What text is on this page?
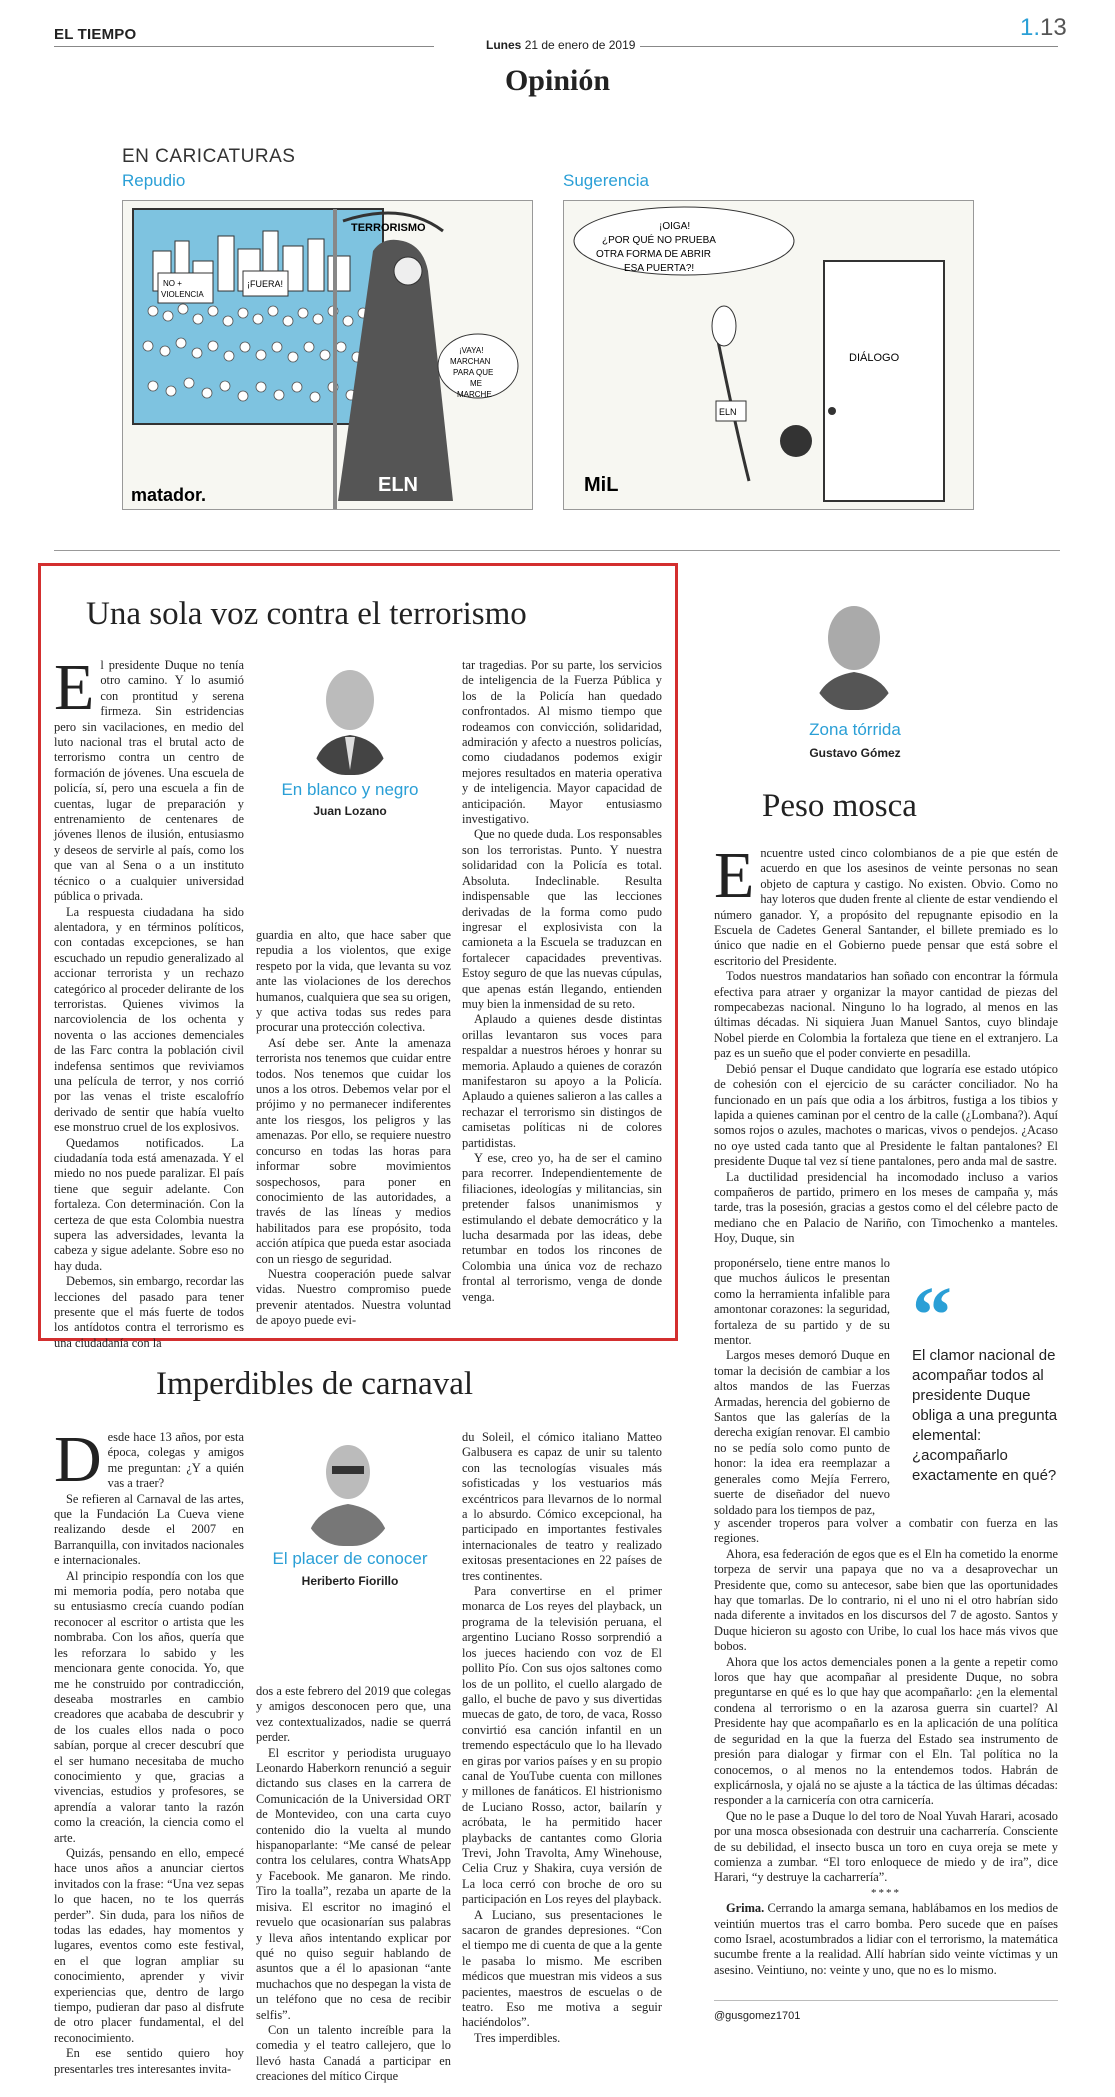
EL TIEMPO
Lunes 21 de enero de 2019
1.13
Opinión
EN CARICATURAS
Repudio	Sugerencia
NO +
VIOLENCIA
¡FUERA!
TERRORISMO
ELN
¡VAYA!
MARCHAN
PARA QUE
ME
MARCHE
matador.
¡OIGA!
¿POR QUÉ NO PRUEBA
OTRA FORMA DE ABRIR
ESA PUERTA?!
DIÁLOGO
ELN
MiL
Una sola voz contra el terrorismo
E l presidente Duque no tenía otro camino. Y lo asumió con prontitud y serena firmeza. Sin estridencias pero sin vacilaciones, en medio del luto nacional tras el brutal acto de terrorismo contra un centro de formación de jóvenes. Una escuela de policía, sí, pero una escuela a fin de cuentas, lugar de preparación y entrenamiento de centenares de jóvenes llenos de ilusión, entusiasmo y deseos de servirle al país, como los que van al Sena o a un instituto técnico o a cualquier universidad pública o privada.

La respuesta ciudadana ha sido alentadora, y en términos políticos, con contadas excepciones, se han escuchado un repudio generalizado al accionar terrorista y un rechazo categórico al proceder delirante de los terroristas. Quienes vivimos la narcoviolencia de los ochenta y noventa o las acciones demenciales de las Farc contra la población civil indefensa sentimos que reviviamos una película de terror, y nos corrió por las venas el triste escalofrío derivado de sentir que había vuelto ese monstruo cruel de los explosivos.

Quedamos notificados. La ciudadanía toda está amenazada. Y el miedo no nos puede paralizar. El país tiene que seguir adelante. Con fortaleza. Con determinación. Con la certeza de que esta Colombia nuestra supera las adversidades, levanta la cabeza y sigue adelante. Sobre eso no hay duda.

Debemos, sin embargo, recordar las lecciones del pasado para tener presente que el más fuerte de todos los antídotos contra el terrorismo es una ciudadanía con la

En blanco y negro
Juan Lozano

guardia en alto, que hace saber que repudia a los violentos, que exige respeto por la vida, que levanta su voz ante las violaciones de los derechos humanos, cualquiera que sea su origen, y que activa todas sus redes para procurar una protección colectiva.

Así debe ser. Ante la amenaza terrorista nos tenemos que cuidar entre todos. Nos tenemos que cuidar los unos a los otros. Debemos velar por el prójimo y no permanecer indiferentes ante los riesgos, los peligros y las amenazas. Por ello, se requiere nuestro concurso en todas las horas para informar sobre movimientos sospechosos, para poner en conocimiento de las autoridades, a través de las líneas y medios habilitados para ese propósito, toda acción atípica que pueda estar asociada con un riesgo de seguridad.

Nuestra cooperación puede salvar vidas. Nuestro compromiso puede prevenir atentados. Nuestra voluntad de apoyo puede evi-

tar tragedias. Por su parte, los servicios de inteligencia de la Fuerza Pública y los de la Policía han quedado confrontados. Al mismo tiempo que rodeamos con convicción, solidaridad, admiración y afecto a nuestros policías, como ciudadanos podemos exigir mejores resultados en materia operativa y de inteligencia. Mayor capacidad de anticipación. Mayor entusiasmo investigativo.

Que no quede duda. Los responsables son los terroristas. Punto. Y nuestra solidaridad con la Policía es total. Absoluta. Indeclinable. Resulta indispensable que las lecciones derivadas de la forma como pudo ingresar el explosivista con la camioneta a la Escuela se traduzcan en fortalecer capacidades preventivas. Estoy seguro de que las nuevas cúpulas, que apenas están llegando, entienden muy bien la inmensidad de su reto.

Aplaudo a quienes desde distintas orillas levantaron sus voces para respaldar a nuestros héroes y honrar su memoria. Aplaudo a quienes de corazón manifestaron su apoyo a la Policía. Aplaudo a quienes salieron a las calles a rechazar el terrorismo sin distingos de camisetas políticas ni de colores partidistas.

Y ese, creo yo, ha de ser el camino para recorrer. Independientemente de filiaciones, ideologías y militancias, sin pretender falsos unanimismos y estimulando el debate democrático y la lucha desarmada por las ideas, debe retumbar en todos los rincones de Colombia una única voz de rechazo frontal al terrorismo, venga de donde venga.

Imperdibles de carnaval
D esde hace 13 años, por esta época, colegas y amigos me preguntan: ¿Y a quién vas a traer?

Se refieren al Carnaval de las artes, que la Fundación La Cueva viene realizando desde el 2007 en Barranquilla, con invitados nacionales e internacionales.

Al principio respondía con los que mi memoria podía, pero notaba que su entusiasmo crecía cuando podían reconocer al escritor o artista que les nombraba. Con los años, quería que les reforzara lo sabido y les mencionara gente conocida. Yo, que me he construido por contradicción, deseaba mostrarles en cambio creadores que acababa de descubrir y de los cuales ellos nada o poco sabían, porque al crecer descubrí que el ser humano necesitaba de mucho conocimiento y que, gracias a vivencias, estudios y profesores, se aprendía a valorar tanto la razón como la creación, la ciencia como el arte.

Quizás, pensando en ello, empecé hace unos años a anunciar ciertos invitados con la frase: “Una vez sepas lo que hacen, no te los querrás perder”. Sin duda, para los niños de todas las edades, hay momentos y lugares, eventos como este festival, en el que logran ampliar su conocimiento, aprender y vivir experiencias que, dentro de largo tiempo, pudieran dar paso al disfrute de otro placer fundamental, el del reconocimiento.

En ese sentido quiero hoy presentarles tres interesantes invita-

El placer de conocer
Heriberto Fiorillo

dos a este febrero del 2019 que colegas y amigos desconocen pero que, una vez contextualizados, nadie se querrá perder.

El escritor y periodista uruguayo Leonardo Haberkorn renunció a seguir dictando sus clases en la carrera de Comunicación de la Universidad ORT de Montevideo, con una carta cuyo contenido dio la vuelta al mundo hispanoparlante: “Me cansé de pelear contra los celulares, contra WhatsApp y Facebook. Me ganaron. Me rindo. Tiro la toalla”, rezaba un aparte de la misiva. El escritor no imaginó el revuelo que ocasionarían sus palabras y lleva años intentando explicar por qué no quiso seguir hablando de asuntos que a él lo apasionan “ante muchachos que no despegan la vista de un teléfono que no cesa de recibir selfis”.

Con un talento increíble para la comedia y el teatro callejero, que lo llevó hasta Canadá a participar en creaciones del mítico Cirque

du Soleil, el cómico italiano Matteo Galbusera es capaz de unir su talento con las tecnologías visuales más sofisticadas y los vestuarios más excéntricos para llevarnos de lo normal a lo absurdo. Cómico excepcional, ha participado en importantes festivales internacionales de teatro y realizado exitosas presentaciones en 22 países de tres continentes.

Para convertirse en el primer monarca de Los reyes del playback, un programa de la televisión peruana, el argentino Luciano Rosso sorprendió a los jueces haciendo con voz de El pollito Pío. Con sus ojos saltones como los de un pollito, el cuello alargado de gallo, el buche de pavo y sus divertidas muecas de gato, de toro, de vaca, Rosso convirtió esa canción infantil en un tremendo espectáculo que lo ha llevado en giras por varios países y en su propio canal de YouTube cuenta con millones y millones de fanáticos. El histrionismo de Luciano Rosso, actor, bailarín y acróbata, le ha permitido hacer playbacks de cantantes como Gloria Trevi, John Travolta, Amy Winehouse, Celia Cruz y Shakira, cuya versión de La loca cerró con broche de oro su participación en Los reyes del playback.

A Luciano, sus presentaciones le sacaron de grandes depresiones. “Con el tiempo me di cuenta de que a la gente le pasaba lo mismo. Me escriben médicos que muestran mis videos a sus pacientes, maestros de escuelas o de teatro. Eso me motiva a seguir haciéndolos”.

Tres imperdibles.

Zona tórrida
Gustavo Gómez
Peso mosca
E ncuentre usted cinco colombianos de a pie que estén de acuerdo en que los asesinos de veinte personas no sean objeto de captura y castigo. No existen. Obvio. Como no hay loteros que duden frente al cliente de estar vendiendo el número ganador. Y, a propósito del repugnante episodio en la Escuela de Cadetes General Santander, el billete premiado es lo único que nadie en el Gobierno puede pensar que está sobre el escritorio del Presidente.

Todos nuestros mandatarios han soñado con encontrar la fórmula efectiva para atraer y organizar la mayor cantidad de piezas del rompecabezas nacional. Ninguno lo ha logrado, al menos en las últimas décadas. Ni siquiera Juan Manuel Santos, cuyo blindaje Nobel pierde en Colombia la fortaleza que tiene en el extranjero. La paz es un sueño que el poder convierte en pesadilla.

Debió pensar el Duque candidato que lograría ese estado utópico de cohesión con el ejercicio de su carácter conciliador. No ha funcionado en un país que odia a los árbitros, fustiga a los tibios y lapida a quienes caminan por el centro de la calle (¿Lombana?). Aquí somos rojos o azules, machotes o maricas, vivos o pendejos. ¿Acaso no oye usted cada tanto que al Presidente le faltan pantalones? El presidente Duque tal vez sí tiene pantalones, pero anda mal de sastre.

La ductilidad presidencial ha incomodado incluso a varios compañeros de partido, primero en los meses de campaña y, más tarde, tras la posesión, gracias a gestos como el del célebre pacto de mediano che en Palacio de Nariño, con Timochenko a manteles. Hoy, Duque, sin

proponérselo, tiene entre manos lo que muchos áulicos le presentan como la herramienta infalible para amontonar corazones: la seguridad, fortaleza de su partido y de su mentor.

Largos meses demoró Duque en tomar la decisión de cambiar a los altos mandos de las Fuerzas Armadas, herencia del gobierno de Santos que las galerías de la derecha exigían renovar. El cambio no se pedía solo como punto de honor: la idea era reemplazar a generales como Mejía Ferrero, suerte de diseñador del nuevo soldado para los tiempos de paz,

“
El clamor nacional de acompañar todos al presidente Duque obliga a una pregunta elemental: ¿acompañarlo exactamente en qué?

y ascender troperos para volver a combatir con fuerza en las regiones.

Ahora, esa federación de egos que es el Eln ha cometido la enorme torpeza de servir una papaya que no va a desaprovechar un Presidente que, como su antecesor, sabe bien que las oportunidades hay que tomarlas. De lo contrario, ni el uno ni el otro habrían sido nada diferente a invitados en los discursos del 7 de agosto. Santos y Duque hicieron su agosto con Uribe, lo cual los hace más vivos que bobos.

Ahora que los actos demenciales ponen a la gente a repetir como loros que hay que acompañar al presidente Duque, no sobra preguntarse en qué es lo que hay que acompañarlo: ¿en la elemental condena al terrorismo o en la azarosa guerra sin cuartel? Al Presidente hay que acompañarlo es en la aplicación de una política de seguridad en la que la fuerza del Estado sea instrumento de presión para dialogar y firmar con el Eln. Tal política no la conocemos, o al menos no la entendemos todos. Habrán de explicárnosla, y ojalá no se ajuste a la táctica de las últimas décadas: responder a la carnicería con otra carnicería.

Que no le pase a Duque lo del toro de Noal Yuvah Harari, acosado por una mosca obsesionada con destruir una cacharrería. Consciente de su debilidad, el insecto busca un toro en cuya oreja se mete y comienza a zumbar. “El toro enloquece de miedo y de ira”, dice Harari, “y destruye la cacharrería”.

****

Grima. Cerrando la amarga semana, hablábamos en los medios de veintiún muertos tras el carro bomba. Pero sucede que en países como Israel, acostumbrados a lidiar con el terrorismo, la matemática sucumbe frente a la realidad. Allí habrían sido veinte víctimas y un asesino. Veintiuno, no: veinte y uno, que no es lo mismo.

@gusgomez1701
